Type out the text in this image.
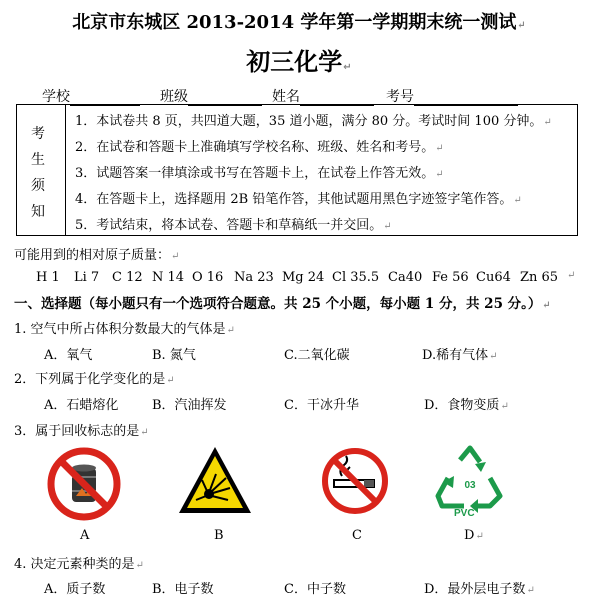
北京市东城区 2013-2014 学年第一学期期末统一测试↵
初三化学↵
学校	班级	姓名	考号
考
生
须
知
1．本试卷共 8 页，共四道大题，35 道小题，满分 80 分。考试时间 100 分钟。↵
2．在试卷和答题卡上准确填写学校名称、班级、姓名和考号。↵
3．试题答案一律填涂或书写在答题卡上，在试卷上作答无效。↵
4．在答题卡上，选择题用 2B 铅笔作答，其他试题用黑色字迹签字笔作答。↵
5．考试结束，将本试卷、答题卡和草稿纸一并交回。↵
可能用到的相对原子质量：↵
H 1 Li 7 C 12 N 14 O 16 Na 23 Mg 24 Cl 35.5 Ca40 Fe 56 Cu64 Zn 65 ↵
一、选择题（每小题只有一个选项符合题意。共 25 个小题，每小题 1 分，共 25 分。）↵
1. 空气中所占体积分数最大的气体是↵
A．氧气	B. 氮气	C.二氧化碳	D.稀有气体↵
2．下列属于化学变化的是↵
A．石蜡熔化	B．汽油挥发	C．干冰升华	D．食物变质↵
3．属于回收标志的是↵
A	B	C
03
PVC
D↵
4. 决定元素种类的是↵
A．质子数	B．电子数	C．中子数	D．最外层电子数↵
